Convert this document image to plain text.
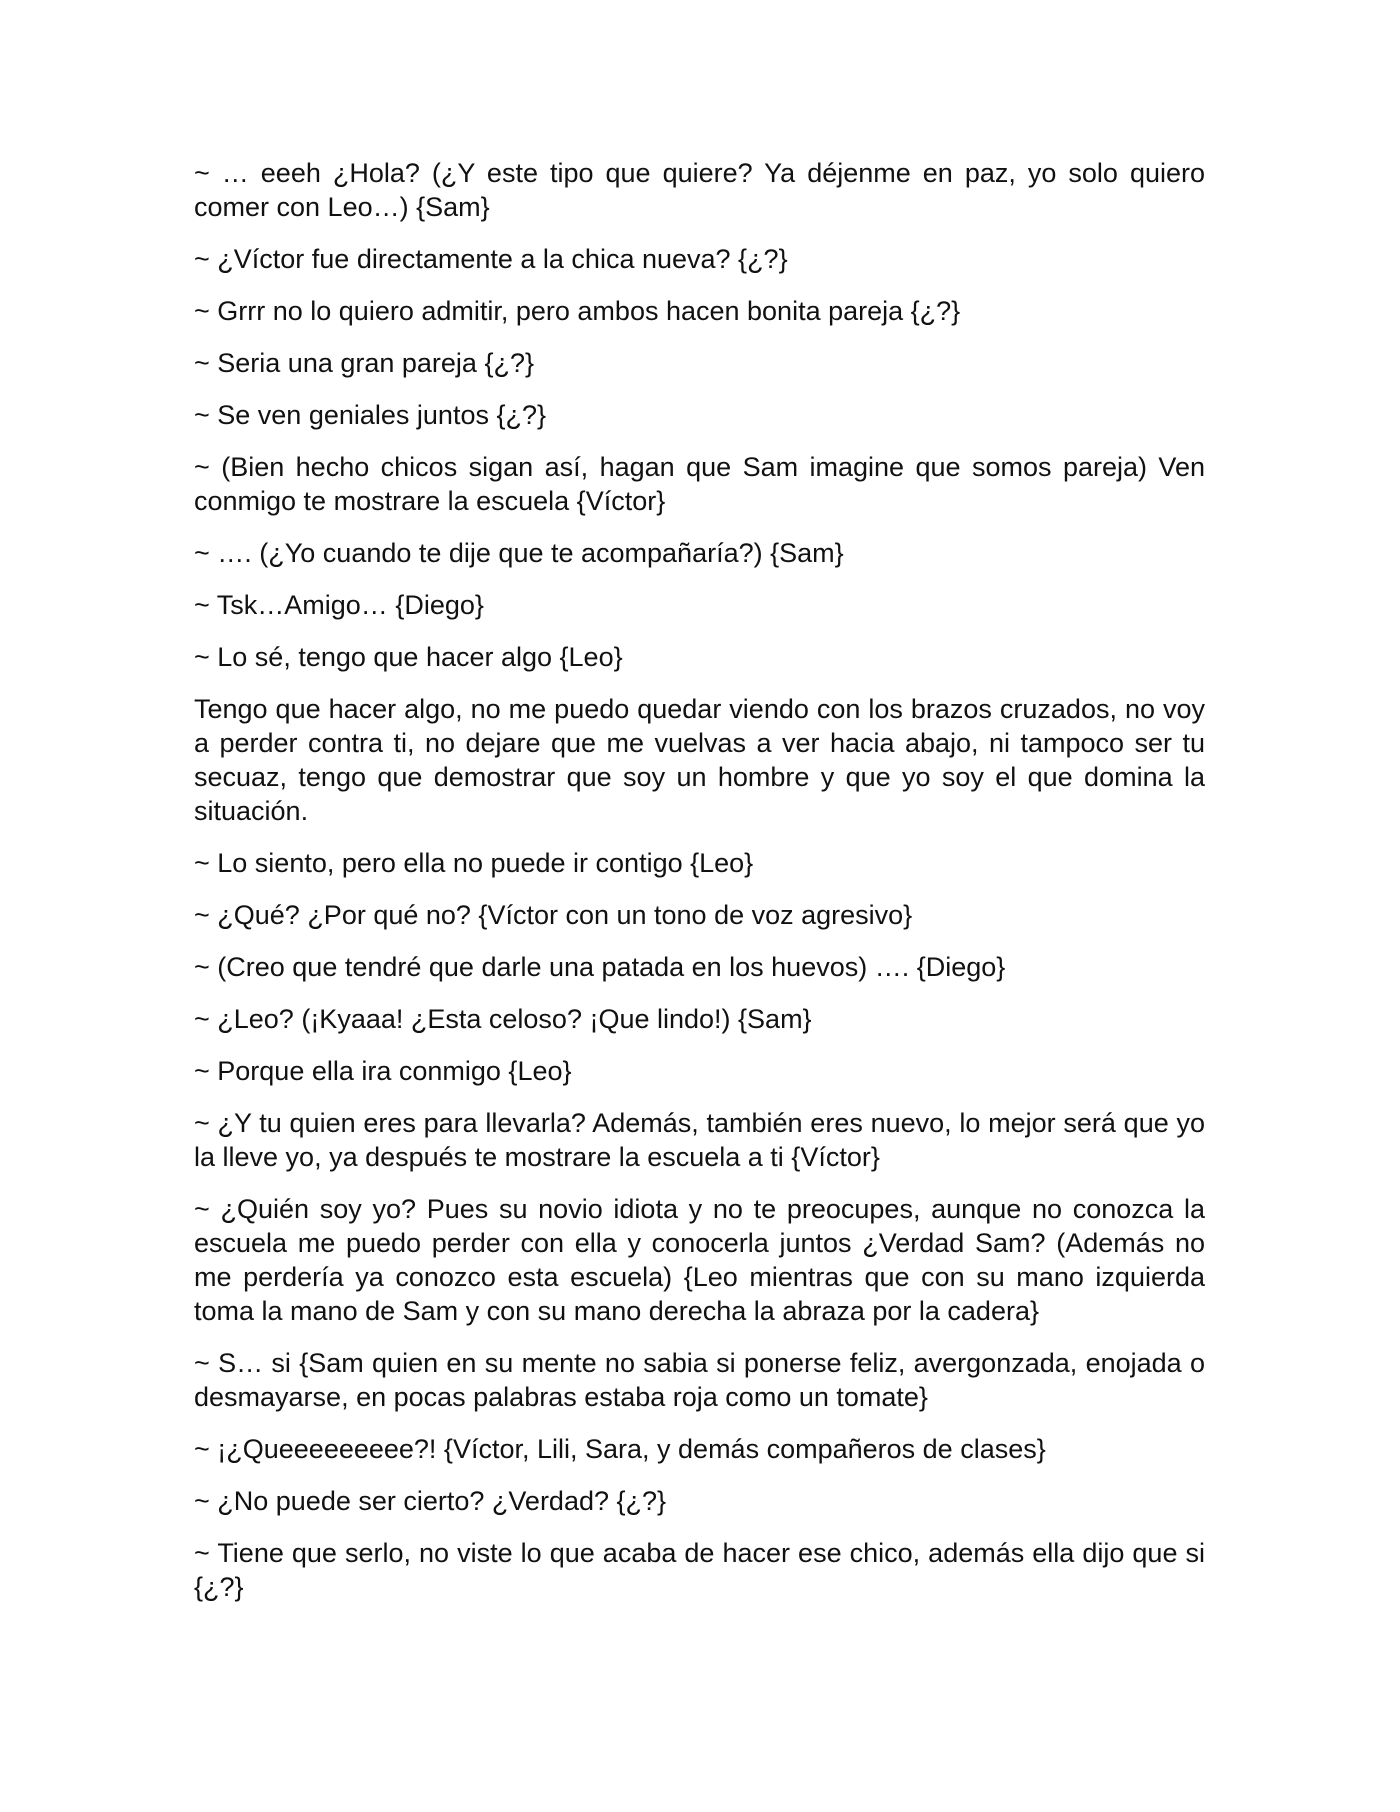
~ … eeeh ¿Hola? (¿Y este tipo que quiere? Ya déjenme en paz, yo solo quiero comer con Leo…) {Sam}

~ ¿Víctor fue directamente a la chica nueva? {¿?}

~ Grrr no lo quiero admitir, pero ambos hacen bonita pareja {¿?}

~ Seria una gran pareja {¿?}

~ Se ven geniales juntos {¿?}

~ (Bien hecho chicos sigan así, hagan que Sam imagine que somos pareja) Ven conmigo te mostrare la escuela {Víctor}

~ …. (¿Yo cuando te dije que te acompañaría?) {Sam}

~ Tsk…Amigo… {Diego}

~ Lo sé, tengo que hacer algo {Leo}

Tengo que hacer algo, no me puedo quedar viendo con los brazos cruzados, no voy a perder contra ti, no dejare que me vuelvas a ver hacia abajo, ni tampoco ser tu secuaz, tengo que demostrar que soy un hombre y que yo soy el que domina la situación.

~ Lo siento, pero ella no puede ir contigo {Leo}

~ ¿Qué? ¿Por qué no? {Víctor con un tono de voz agresivo}

~ (Creo que tendré que darle una patada en los huevos) …. {Diego}

~ ¿Leo? (¡Kyaaa! ¿Esta celoso? ¡Que lindo!) {Sam}

~ Porque ella ira conmigo {Leo}

~ ¿Y tu quien eres para llevarla? Además, también eres nuevo, lo mejor será que yo la lleve yo, ya después te mostrare la escuela a ti {Víctor}

~ ¿Quién soy yo? Pues su novio idiota y no te preocupes, aunque no conozca la escuela me puedo perder con ella y conocerla juntos ¿Verdad Sam? (Además no me perdería ya conozco esta escuela) {Leo mientras que con su mano izquierda toma la mano de Sam y con su mano derecha la abraza por la cadera}

~ S… si {Sam quien en su mente no sabia si ponerse feliz, avergonzada, enojada o desmayarse, en pocas palabras estaba roja como un tomate}

~ ¡¿Queeeeeeeee?! {Víctor, Lili, Sara, y demás compañeros de clases}

~ ¿No puede ser cierto? ¿Verdad? {¿?}

~ Tiene que serlo, no viste lo que acaba de hacer ese chico, además ella dijo que si {¿?}
